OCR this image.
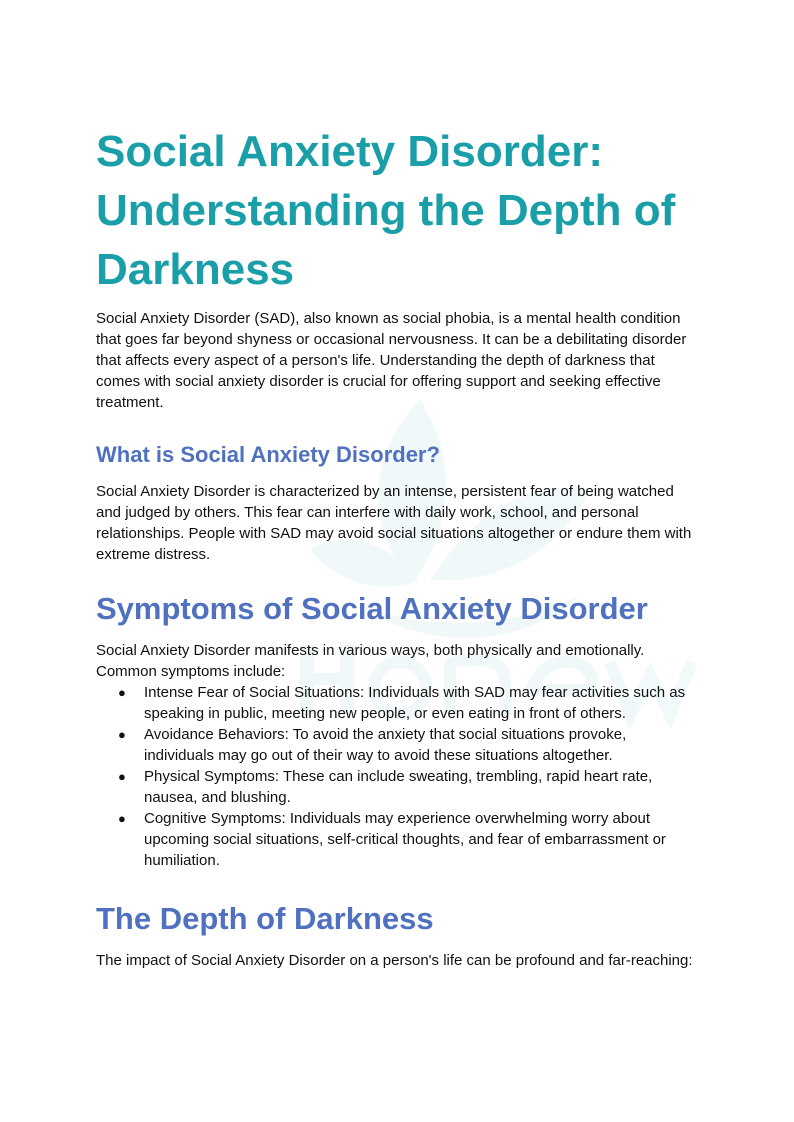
Social Anxiety Disorder: Understanding the Depth of Darkness

Social Anxiety Disorder (SAD), also known as social phobia, is a mental health condition that goes far beyond shyness or occasional nervousness. It can be a debilitating disorder that affects every aspect of a person's life. Understanding the depth of darkness that comes with social anxiety disorder is crucial for offering support and seeking effective treatment.

What is Social Anxiety Disorder?

Social Anxiety Disorder is characterized by an intense, persistent fear of being watched and judged by others. This fear can interfere with daily work, school, and personal relationships. People with SAD may avoid social situations altogether or endure them with extreme distress.

Symptoms of Social Anxiety Disorder

Social Anxiety Disorder manifests in various ways, both physically and emotionally. Common symptoms include:

● Intense Fear of Social Situations: Individuals with SAD may fear activities such as speaking in public, meeting new people, or even eating in front of others.
● Avoidance Behaviors: To avoid the anxiety that social situations provoke, individuals may go out of their way to avoid these situations altogether.
● Physical Symptoms: These can include sweating, trembling, rapid heart rate, nausea, and blushing.
● Cognitive Symptoms: Individuals may experience overwhelming worry about upcoming social situations, self-critical thoughts, and fear of embarrassment or humiliation.
The Depth of Darkness

The impact of Social Anxiety Disorder on a person's life can be profound and far-reaching:
